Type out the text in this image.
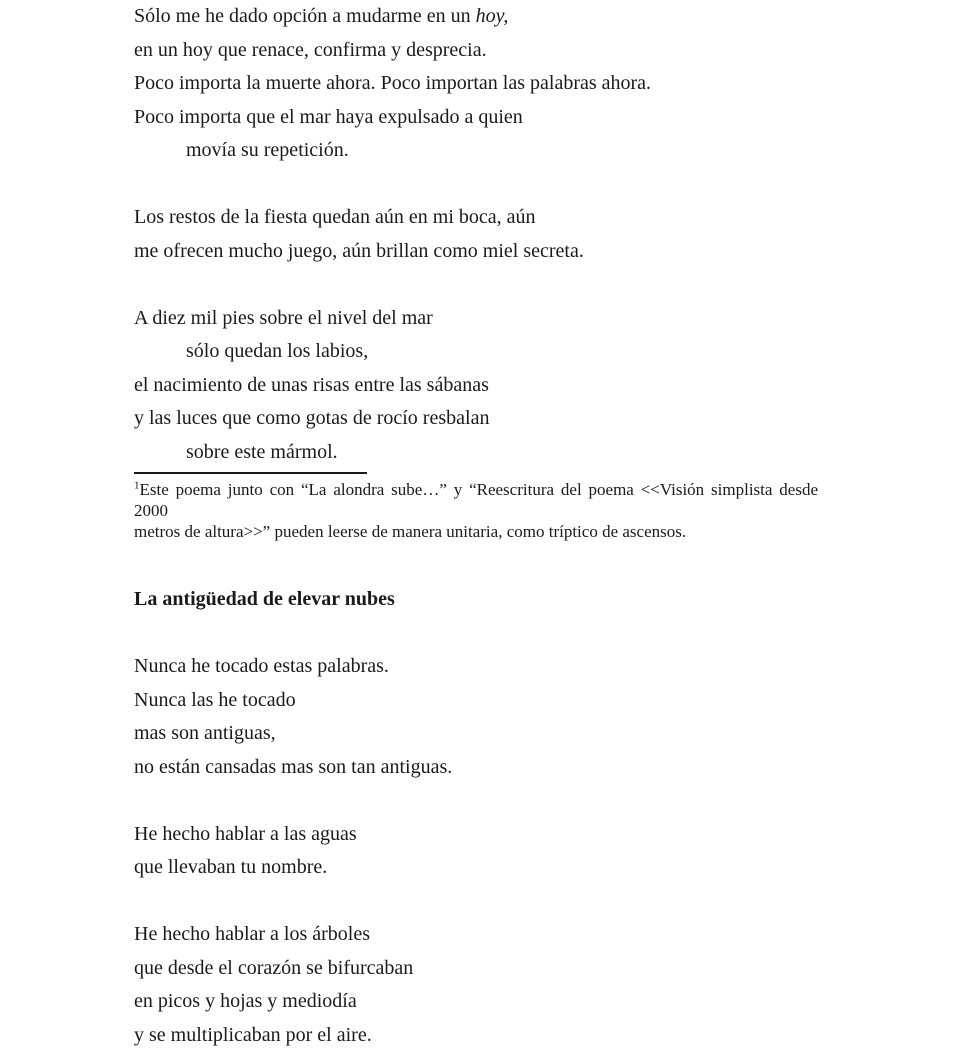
Sólo me he dado opción a mudarme en un hoy,

en un hoy que renace, confirma y desprecia.

Poco importa la muerte ahora. Poco importan las palabras ahora.

Poco importa que el mar haya expulsado a quien

movía su repetición.

Los restos de la fiesta quedan aún en mi boca, aún

me ofrecen mucho juego, aún brillan como miel secreta.

A diez mil pies sobre el nivel del mar

sólo quedan los labios,

el nacimiento de unas risas entre las sábanas

y las luces que como gotas de rocío resbalan

sobre este mármol.

$^1$Este poema junto con “La alondra sube…” y “Reescritura del poema <<Visión simplista desde 2000

metros de altura>>” pueden leerse de manera unitaria, como tríptico de ascensos.

La antigüedad de elevar nubes

Nunca he tocado estas palabras.

Nunca las he tocado

mas son antiguas,

no están cansadas mas son tan antiguas.

He hecho hablar a las aguas

que llevaban tu nombre.

He hecho hablar a los árboles

que desde el corazón se bifurcaban

en picos y hojas y mediodía

y se multiplicaban por el aire.
